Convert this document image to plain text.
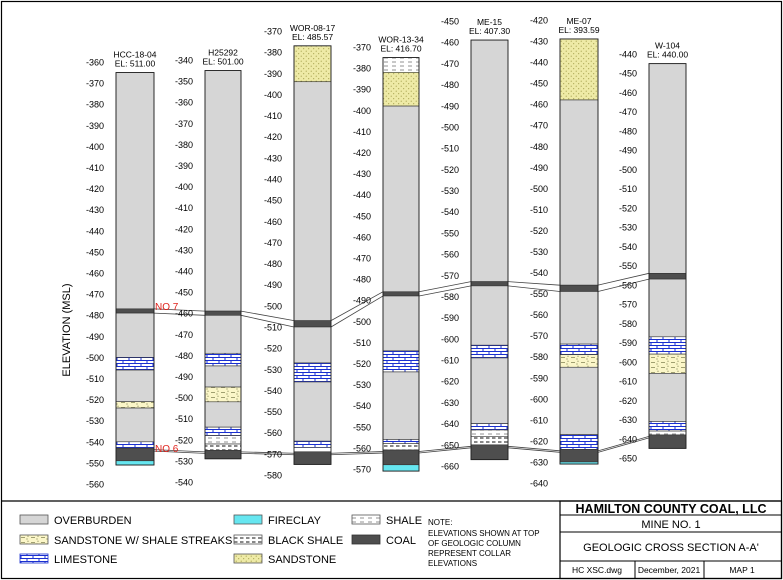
ELEVATION (MSL)
-360
-370
-380
-390
-400
-410
-420
-430
-440
-450
-460
-470
-480
-490
-500
-510
-520
-530
-540
-550
-560
HCC-18-04
EL: 511.00 -340
-350
-360
-370
-380
-390
-400
-410
-420
-430
-440
-450
-460
-470
-480
-490
-500
-510
-520
-530
-540
H25292
EL: 501.00
-370
-380
-390
-400
-410
-420
-430
-440
-450
-460
-470
-480
-490
-500
-510
-520
-530
-540
-550
-560
-570
-580
WOR-08-17
EL: 485.57
-370
-380
-390
-400
-410
-420
-430
-440
-450
-460
-470
-480
-490
-500
-510
-520
-530
-540
-550
-560
-570
WOR-13-34
EL: 416.70
-450
-460
-470
-480
-490
-500
-510
-520
-530
-540
-550
-560
-570
-580
-590
-600
-610
-620
-630
-640
-650
-660
ME-15
EL: 407.30
-420
-430
-440
-450
-460
-470
-480
-490
-500
-510
-520
-530
-540
-550
-560
-570
-580
-590
-600
-610
-620
-630
-640
ME-07
EL: 393.59
-440
-450
-460
-470
-480
-490
-500
-510
-520
-530
-540
-550
-560
-570
-580
-590
-600
-610
-620
-630
-640
-650
W-104
EL: 440.00
NO 7
NO 6
OVERBURDEN
SANDSTONE W/ SHALE STREAKS
LIMESTONE
FIRECLAY
BLACK SHALE
SANDSTONE
SHALE
COAL
NOTE:
ELEVATIONS SHOWN AT TOP
OF GEOLOGIC COLUMN
REPRESENT COLLAR
ELEVATIONS
HAMILTON COUNTY COAL, LLC
MINE NO. 1
GEOLOGIC CROSS SECTION A-A'
HC XSC.dwg December, 2021	MAP 1
